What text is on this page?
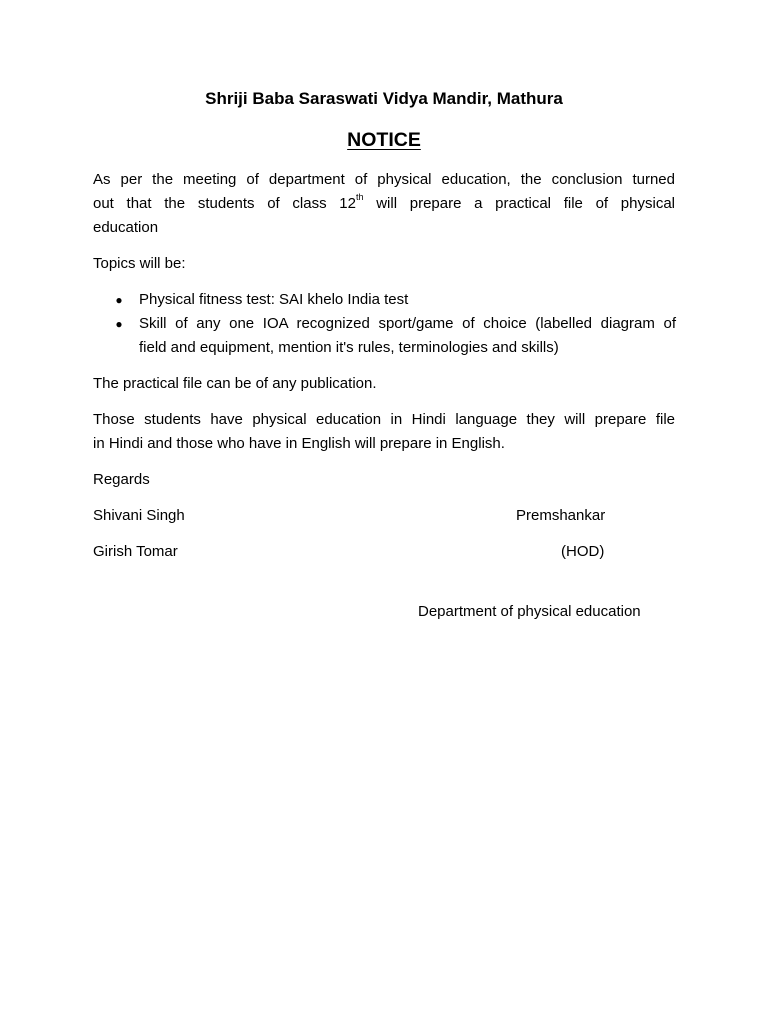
Shriji Baba Saraswati Vidya Mandir, Mathura
NOTICE
As per the meeting of department of physical education, the conclusion turned
out that the students of class 12th will prepare a practical file of physical
education
Topics will be:
● Physical fitness test: SAI khelo India test
● Skill of any one IOA recognized sport/game of choice (labelled diagram of
field and equipment, mention it's rules, terminologies and skills)
The practical file can be of any publication.
Those students have physical education in Hindi language they will prepare file
in Hindi and those who have in English will prepare in English.
Regards
Shivani Singh	Premshankar
Girish Tomar	(HOD)
Department of physical education
